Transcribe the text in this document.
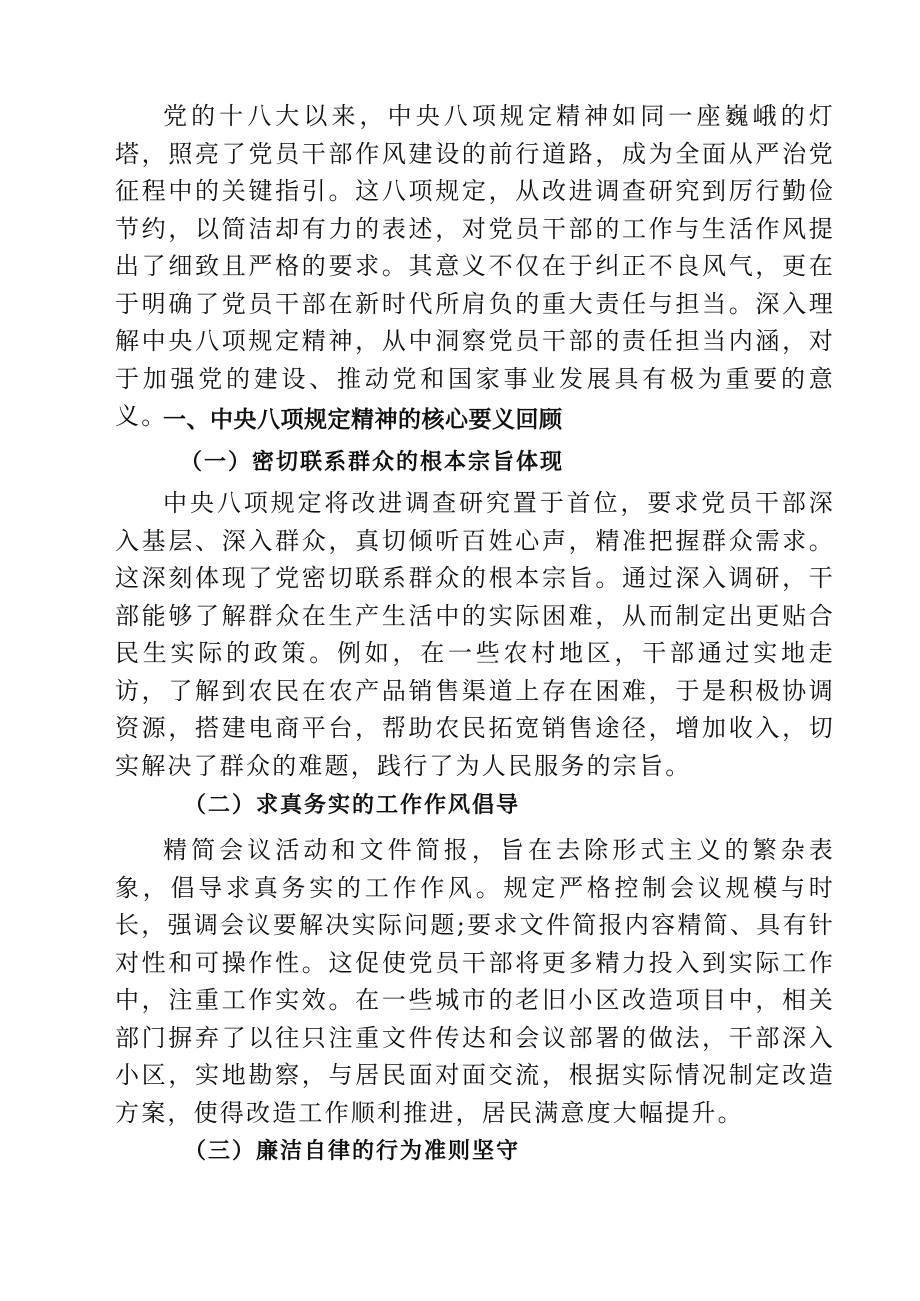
党的十八大以来，中央八项规定精神如同一座巍峨的灯塔，照亮了党员干部作风建设的前行道路，成为全面从严治党征程中的关键指引。这八项规定，从改进调查研究到厉行勤俭节约，以简洁却有力的表述，对党员干部的工作与生活作风提出了细致且严格的要求。其意义不仅在于纠正不良风气，更在于明确了党员干部在新时代所肩负的重大责任与担当。深入理解中央八项规定精神，从中洞察党员干部的责任担当内涵，对于加强党的建设、推动党和国家事业发展具有极为重要的意义。

一、中央八项规定精神的核心要义回顾
（一）密切联系群众的根本宗旨体现

中央八项规定将改进调查研究置于首位，要求党员干部深入基层、深入群众，真切倾听百姓心声，精准把握群众需求。这深刻体现了党密切联系群众的根本宗旨。通过深入调研，干部能够了解群众在生产生活中的实际困难，从而制定出更贴合民生实际的政策。例如，在一些农村地区，干部通过实地走访，了解到农民在农产品销售渠道上存在困难，于是积极协调资源，搭建电商平台，帮助农民拓宽销售途径，增加收入，切实解决了群众的难题，践行了为人民服务的宗旨。

（二）求真务实的工作作风倡导

精简会议活动和文件简报，旨在去除形式主义的繁杂表象，倡导求真务实的工作作风。规定严格控制会议规模与时长，强调会议要解决实际问题;要求文件简报内容精简、具有针对性和可操作性。这促使党员干部将更多精力投入到实际工作中，注重工作实效。在一些城市的老旧小区改造项目中，相关部门摒弃了以往只注重文件传达和会议部署的做法，干部深入小区，实地勘察，与居民面对面交流，根据实际情况制定改造方案，使得改造工作顺利推进，居民满意度大幅提升。

（三）廉洁自律的行为准则坚守
